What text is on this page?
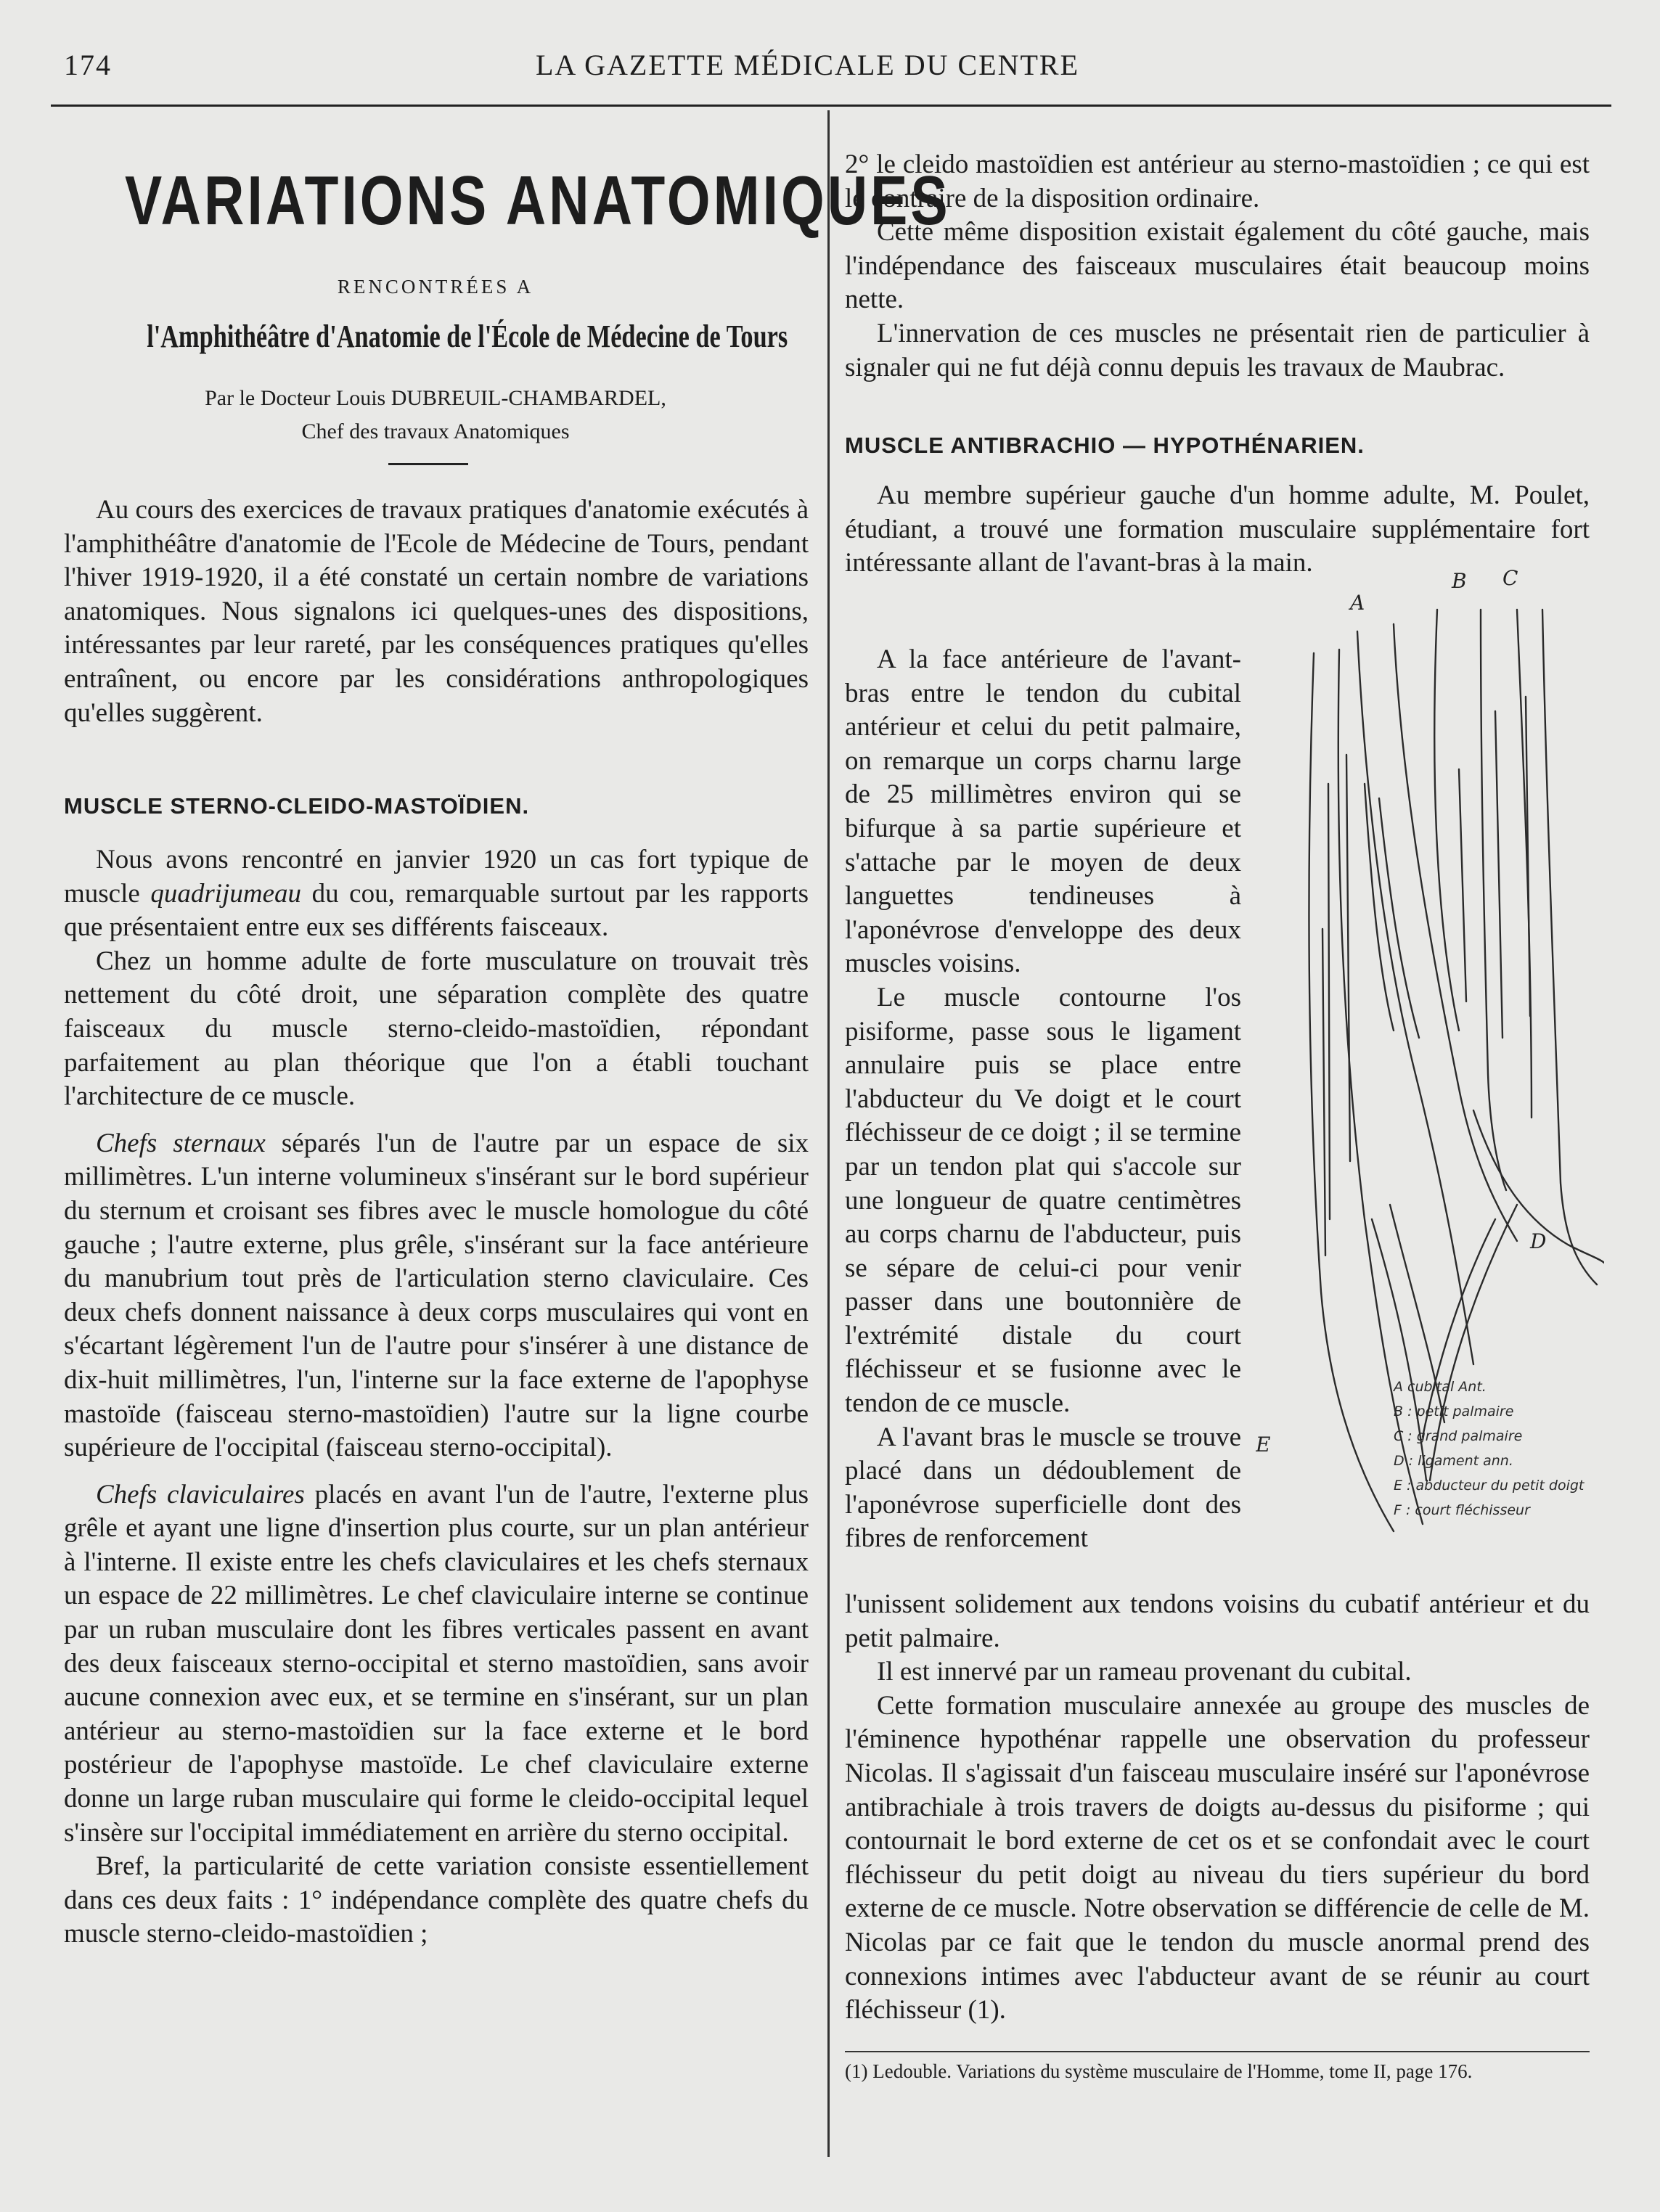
174	LA GAZETTE MÉDICALE DU CENTRE
VARIATIONS ANATOMIQUES
RENCONTRÉES A
l'Amphithéâtre d'Anatomie de l'École de Médecine de Tours
Par le Docteur Louis DUBREUIL-CHAMBARDEL,
Chef des travaux Anatomiques

Au cours des exercices de travaux pratiques d'anatomie exécutés à l'amphithéâtre d'anatomie de l'Ecole de Médecine de Tours, pendant l'hiver 1919-1920, il a été constaté un certain nombre de variations anatomiques. Nous signalons ici quelques-unes des dispositions, intéressantes par leur rareté, par les conséquences pratiques qu'elles entraînent, ou encore par les considérations anthropologiques qu'elles suggèrent.

MUSCLE STERNO-CLEIDO-MASTOÏDIEN.

Nous avons rencontré en janvier 1920 un cas fort typique de muscle quadrijumeau du cou, remarquable surtout par les rapports que présentaient entre eux ses différents faisceaux.

Chez un homme adulte de forte musculature on trouvait très nettement du côté droit, une séparation complète des quatre faisceaux du muscle sterno-cleido-mastoïdien, répondant parfaitement au plan théorique que l'on a établi touchant l'architecture de ce muscle.

Chefs sternaux séparés l'un de l'autre par un espace de six millimètres. L'un interne volumineux s'insérant sur le bord supérieur du sternum et croisant ses fibres avec le muscle homologue du côté gauche ; l'autre externe, plus grêle, s'insérant sur la face antérieure du manubrium tout près de l'articulation sterno claviculaire. Ces deux chefs donnent naissance à deux corps musculaires qui vont en s'écartant légèrement l'un de l'autre pour s'insérer à une distance de dix-huit millimètres, l'un, l'interne sur la face externe de l'apophyse mastoïde (faisceau sterno-mastoïdien) l'autre sur la ligne courbe supérieure de l'occipital (faisceau sterno-occipital).

Chefs claviculaires placés en avant l'un de l'autre, l'externe plus grêle et ayant une ligne d'insertion plus courte, sur un plan antérieur à l'interne. Il existe entre les chefs claviculaires et les chefs sternaux un espace de 22 millimètres. Le chef claviculaire interne se continue par un ruban musculaire dont les fibres verticales passent en avant des deux faisceaux sterno-occipital et sterno mastoïdien, sans avoir aucune connexion avec eux, et se termine en s'insérant, sur un plan antérieur au sterno-mastoïdien sur la face externe et le bord postérieur de l'apophyse mastoïde. Le chef claviculaire externe donne un large ruban musculaire qui forme le cleido-occipital lequel s'insère sur l'occipital immédiatement en arrière du sterno occipital.

Bref, la particularité de cette variation consiste essentiellement dans ces deux faits : 1° indépendance complète des quatre chefs du muscle sterno-cleido-mastoïdien ;

2° le cleido mastoïdien est antérieur au sterno-mastoïdien ; ce qui est le contraire de la disposition ordinaire.

Cette même disposition existait également du côté gauche, mais l'indépendance des faisceaux musculaires était beaucoup moins nette.

L'innervation de ces muscles ne présentait rien de particulier à signaler qui ne fut déjà connu depuis les travaux de Maubrac.

MUSCLE ANTIBRACHIO — HYPOTHÉNARIEN.

Au membre supérieur gauche d'un homme adulte, M. Poulet, étudiant, a trouvé une formation musculaire supplémentaire fort intéressante allant de l'avant-bras à la main.

A la face antérieure de l'avant-bras entre le tendon du cubital antérieur et celui du petit palmaire, on remarque un corps charnu large de 25 millimètres environ qui se bifurque à sa partie supérieure et s'attache par le moyen de deux languettes tendineuses à l'aponévrose d'enveloppe des deux muscles voisins.

Le muscle contourne l'os pisiforme, passe sous le ligament annulaire puis se place entre l'abducteur du Ve doigt et le court fléchisseur de ce doigt ; il se termine par un tendon plat qui s'accole sur une longueur de quatre centimètres au corps charnu de l'abducteur, puis se sépare de celui-ci pour venir passer dans une boutonnière de l'extrémité distale du court fléchisseur et se fusionne avec le tendon de ce muscle.

A l'avant bras le muscle se trouve placé dans un dédoublement de l'aponévrose superficielle dont des fibres de renforcement

A
B C
D
E
A cubital Ant.
B : petit palmaire
C : grand palmaire
D : ligament ann.
E : abducteur du petit doigt
F : court fléchisseur

l'unissent solidement aux tendons voisins du cubatif antérieur et du petit palmaire.

Il est innervé par un rameau provenant du cubital.

Cette formation musculaire annexée au groupe des muscles de l'éminence hypothénar rappelle une observation du professeur Nicolas. Il s'agissait d'un faisceau musculaire inséré sur l'aponévrose antibrachiale à trois travers de doigts au-dessus du pisiforme ; qui contournait le bord externe de cet os et se confondait avec le court fléchisseur du petit doigt au niveau du tiers supérieur du bord externe de ce muscle. Notre observation se différencie de celle de M. Nicolas par ce fait que le tendon du muscle anormal prend des connexions intimes avec l'abducteur avant de se réunir au court fléchisseur (1).

(1) Ledouble. Variations du système musculaire de l'Homme, tome II, page 176.
